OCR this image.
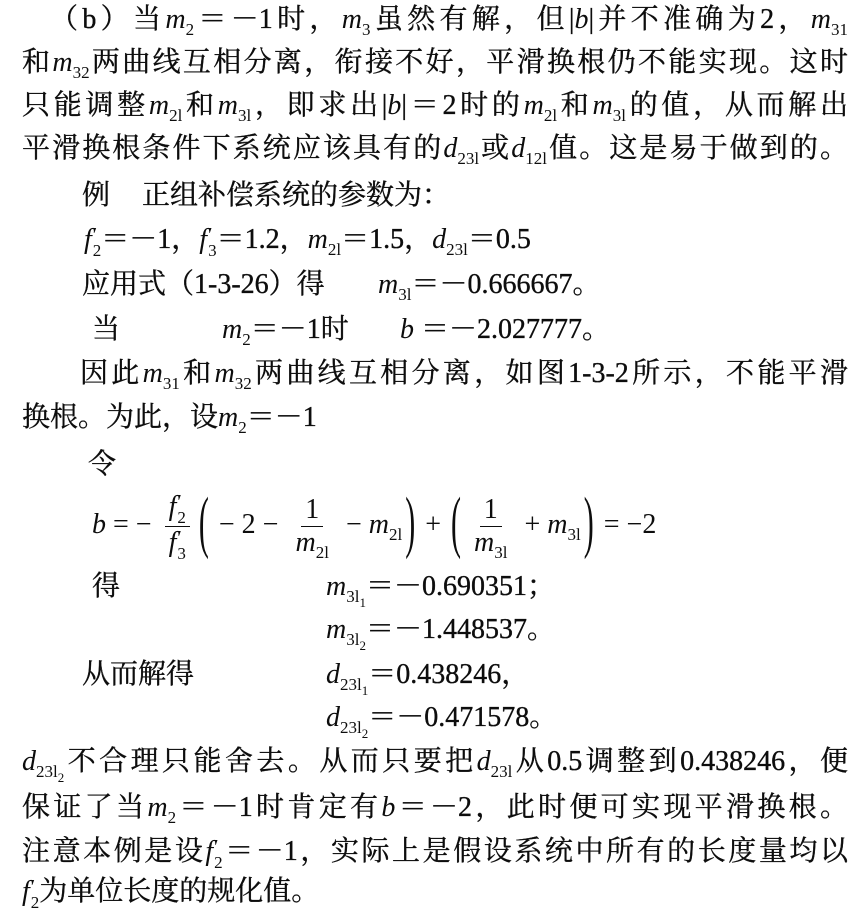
（b）当$m_2=-1$时，$m_3$虽然有解，但|b|并不准确为2，$m_{31}$
和$m_{32}$两曲线互相分离，衔接不好，平滑换根仍不能实现。这时
只能调整$m_{2l}$和$m_{3l}$，即求出|b|＝2时的$m_{2l}$和$m_{3l}$的值，从而解出
平滑换根条件下系统应该具有的$d_{23l}$或$d_{12l}$值。这是易于做到的。
例 正组补偿系统的参数为：
f ′
2 ＝－1，f ′
3 ＝1.2，$m_{2l}=1.5$，$d_{23l}=0.5$
应用式（1-3-26）得 $m_{3l}=-0.666667$。
当	$m_2=-1$时 b ＝－2.027777。
因此$m_{31}$和$m_{32}$两曲线互相分离，如图1-3-2所示，不能平滑
换根。为此，设$m_2=-1$
令
b = − f ′
2
f ′
3 ( − $2 - \frac{1}{m_{2l}} - m_{2l}$ ) + ( $\frac{1}{m_{3l}} + m_{3l}$ ) = −2
得	$m_{3l_1}=-0.690351$；
$m_{3l_2}=-1.448537$。
从而解得	$d_{23l_1}=0.438246$，
$d_{23l_2}=-0.471578$。
$d_{23l_2}$不合理只能舍去。从而只要把$d_{23l}$从0.5调整到0.438246，便
保证了当$m_2=-1$时肯定有b＝－2，此时便可实现平滑换根。
注意本例是设f ′
2 ＝－1，实际上是假设系统中所有的长度量均以
f ′
2 为单位长度的规化值。
